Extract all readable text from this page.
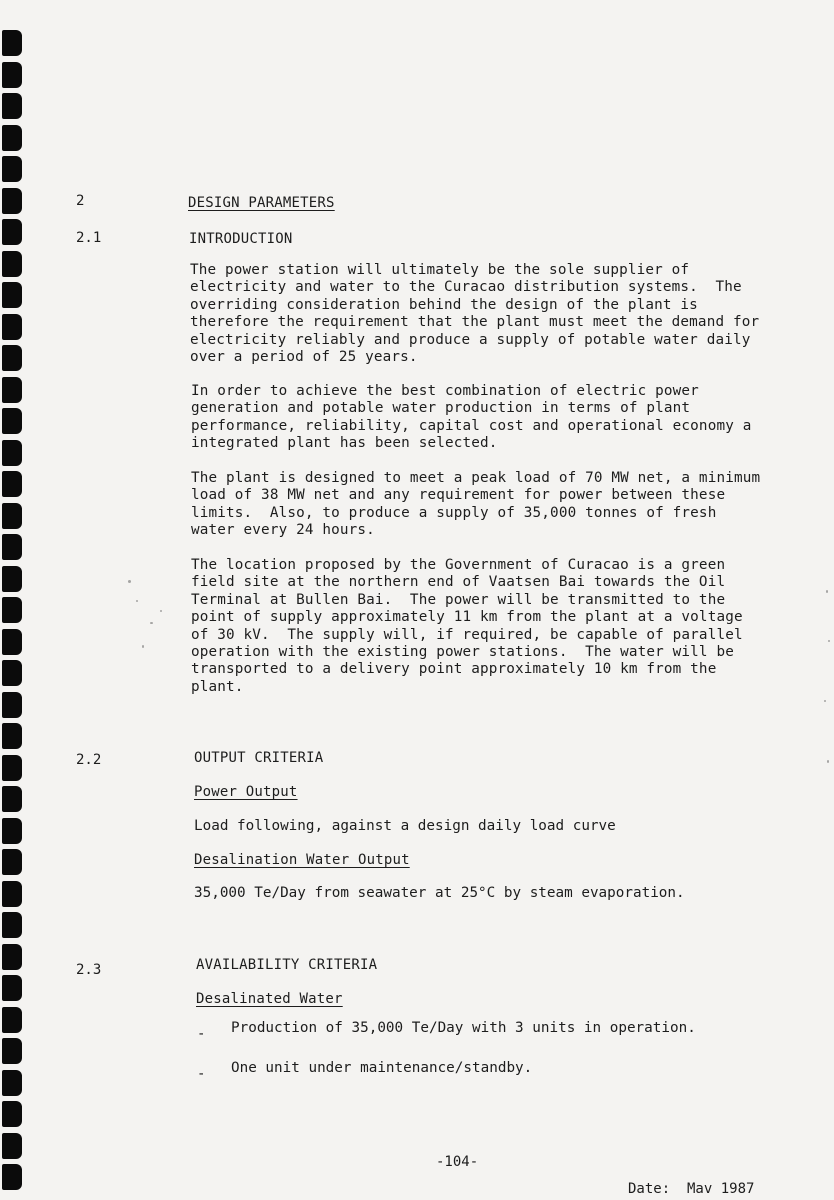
2	DESIGN PARAMETERS
2.1	INTRODUCTION

The power station will ultimately be the sole supplier of
electricity and water to the Curacao distribution systems.  The
overriding consideration behind the design of the plant is
therefore the requirement that the plant must meet the demand for
electricity reliably and produce a supply of potable water daily
over a period of 25 years.

In order to achieve the best combination of electric power
generation and potable water production in terms of plant
performance, reliability, capital cost and operational economy a
integrated plant has been selected.

The plant is designed to meet a peak load of 70 MW net, a minimum
load of 38 MW net and any requirement for power between these
limits.  Also, to produce a supply of 35,000 tonnes of fresh
water every 24 hours.

The location proposed by the Government of Curacao is a green
field site at the northern end of Vaatsen Bai towards the Oil
Terminal at Bullen Bai.  The power will be transmitted to the
point of supply approximately 11 km from the plant at a voltage
of 30 kV.  The supply will, if required, be capable of parallel
operation with the existing power stations.  The water will be
transported to a delivery point approximately 10 km from the
plant.

2.2	OUTPUT CRITERIA
Power Output
Load following, against a design daily load curve
Desalination Water Output
35,000 Te/Day from seawater at 25°C by steam evaporation.
2.3	AVAILABILITY CRITERIA
Desalinated Water
- Production of 35,000 Te/Day with 3 units in operation.
- One unit under maintenance/standby.
-104-
Date:  Mav 1987
